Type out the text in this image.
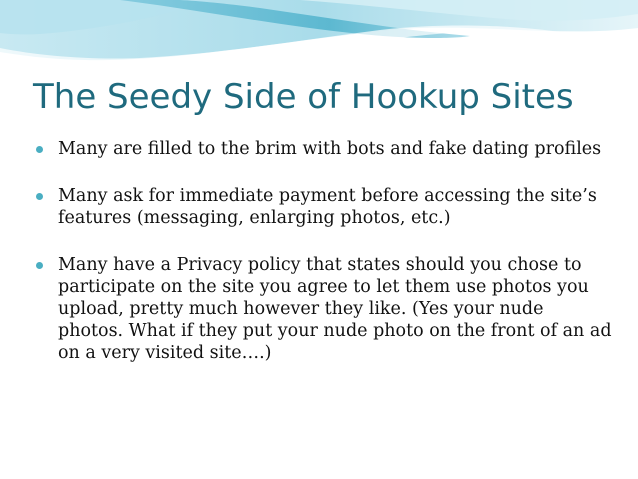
The Seedy Side of Hookup Sites
Many are filled to the brim with bots and fake dating profiles
Many ask for immediate payment before accessing the site’s features (messaging, enlarging photos, etc.)
Many have a Privacy policy that states should you chose to participate on the site you agree to let them use photos you upload, pretty much however they like. (Yes your nude photos. What if they put your nude photo on the front of an ad on a very visited site….)
